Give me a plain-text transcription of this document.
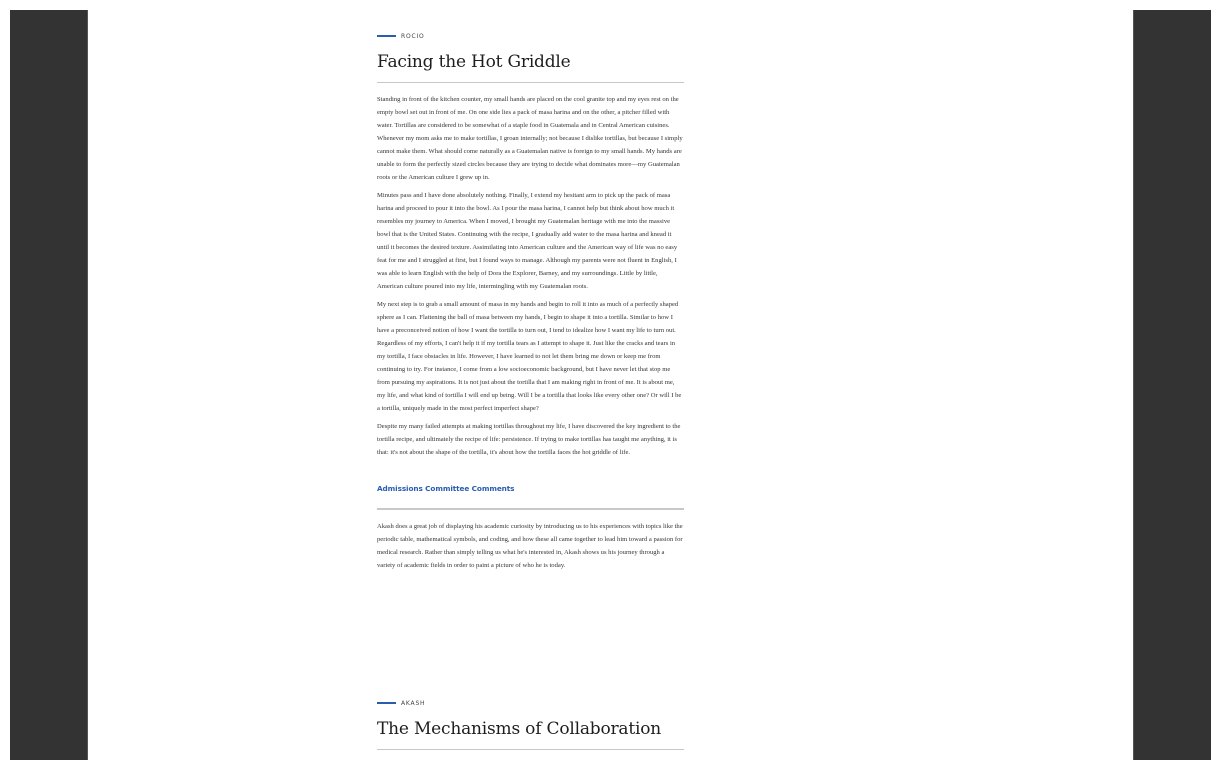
ROCIO
Facing the Hot Griddle

Standing in front of the kitchen counter, my small hands are placed on the cool granite top and my eyes rest on the empty bowl set out in front of me. On one side lies a pack of masa harina and on the other, a pitcher filled with water. Tortillas are considered to be somewhat of a staple food in Guatemala and in Central American cuisines. Whenever my mom asks me to make tortillas, I groan internally; not because I dislike tortillas, but because I simply cannot make them. What should come naturally as a Guatemalan native is foreign to my small hands. My hands are unable to form the perfectly sized circles because they are trying to decide what dominates more—my Guatemalan roots or the American culture I grew up in.

Minutes pass and I have done absolutely nothing. Finally, I extend my hesitant arm to pick up the pack of masa harina and proceed to pour it into the bowl. As I pour the masa harina, I cannot help but think about how much it resembles my journey to America. When I moved, I brought my Guatemalan heritage with me into the massive bowl that is the United States. Continuing with the recipe, I gradually add water to the masa harina and knead it until it becomes the desired texture. Assimilating into American culture and the American way of life was no easy feat for me and I struggled at first, but I found ways to manage. Although my parents were not fluent in English, I was able to learn English with the help of Dora the Explorer, Barney, and my surroundings. Little by little, American culture poured into my life, intermingling with my Guatemalan roots.

My next step is to grab a small amount of masa in my hands and begin to roll it into as much of a perfectly shaped sphere as I can. Flattening the ball of masa between my hands, I begin to shape it into a tortilla. Similar to how I have a preconceived notion of how I want the tortilla to turn out, I tend to idealize how I want my life to turn out. Regardless of my efforts, I can't help it if my tortilla tears as I attempt to shape it. Just like the cracks and tears in my tortilla, I face obstacles in life. However, I have learned to not let them bring me down or keep me from continuing to try. For instance, I come from a low socioeconomic background, but I have never let that stop me from pursuing my aspirations. It is not just about the tortilla that I am making right in front of me. It is about me, my life, and what kind of tortilla I will end up being. Will I be a tortilla that looks like every other one? Or will I be a tortilla, uniquely made in the most perfect imperfect shape?

Despite my many failed attempts at making tortillas throughout my life, I have discovered the key ingredient to the tortilla recipe, and ultimately the recipe of life: persistence. If trying to make tortillas has taught me anything, it is that: it's not about the shape of the tortilla, it's about how the tortilla faces the hot griddle of life.

Admissions Committee Comments

Akash does a great job of displaying his academic curiosity by introducing us to his experiences with topics like the periodic table, mathematical symbols, and coding, and how these all came together to lead him toward a passion for medical research. Rather than simply telling us what he's interested in, Akash shows us his journey through a variety of academic fields in order to paint a picture of who he is today.

AKASH
The Mechanisms of Collaboration
